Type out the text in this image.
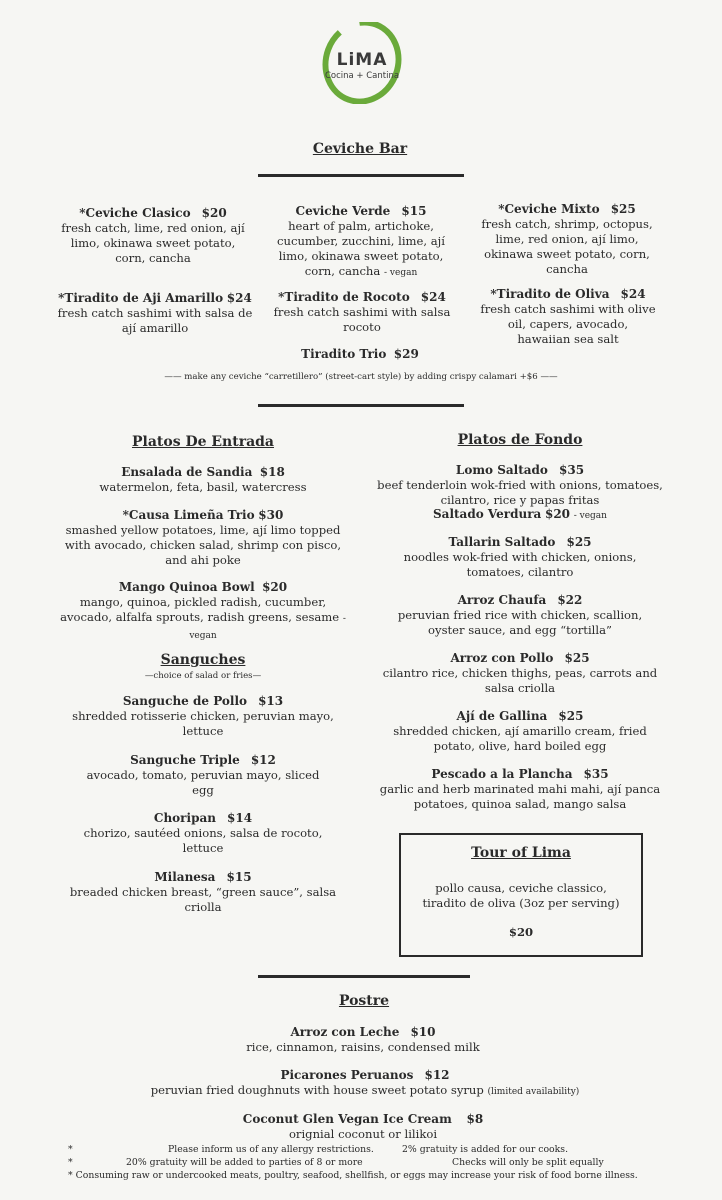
LiMA
Cocina + Cantina
Ceviche Bar
*Ceviche Clasico $20
fresh catch, lime, red onion, ají limo, okinawa sweet potato, corn, cancha
Ceviche Verde $15
heart of palm, artichoke, cucumber, zucchini, lime, ají limo, okinawa sweet potato, corn, cancha - vegan
*Ceviche Mixto $25
fresh catch, shrimp, octopus, lime, red onion, ají limo, okinawa sweet potato, corn, cancha
*Tiradito de Aji Amarillo $24
fresh catch sashimi with salsa de ají amarillo
*Tiradito de Rocoto $24
fresh catch sashimi with salsa rocoto
*Tiradito de Oliva $24
fresh catch sashimi with olive oil, capers, avocado, hawaiian sea salt
Tiradito Trio $29
—— make any ceviche “carretillero” (street-cart style) by adding crispy calamari +$6 ——
Platos De Entrada
Ensalada de Sandia $18
watermelon, feta, basil, watercress
*Causa Limeña Trio $30
smashed yellow potatoes, lime, ají limo topped with avocado, chicken salad, shrimp con pisco, and ahi poke
Mango Quinoa Bowl $20
mango, quinoa, pickled radish, cucumber, avocado, alfalfa sprouts, radish greens, sesame - vegan
Sanguches
—choice of salad or fries—
Sanguche de Pollo $13
shredded rotisserie chicken, peruvian mayo, lettuce
Sanguche Triple $12
avocado, tomato, peruvian mayo, sliced egg
Choripan $14
chorizo, sautéed onions, salsa de rocoto, lettuce
Milanesa $15
breaded chicken breast, “green sauce”, salsa criolla
Platos de Fondo
Lomo Saltado $35
beef tenderloin wok-fried with onions, tomatoes, cilantro, rice y papas fritas
Saltado Verdura $20 - vegan
Tallarin Saltado $25
noodles wok-fried with chicken, onions, tomatoes, cilantro
Arroz Chaufa $22
peruvian fried rice with chicken, scallion, oyster sauce, and egg “tortilla”
Arroz con Pollo $25
cilantro rice, chicken thighs, peas, carrots and salsa criolla
Ají de Gallina $25
shredded chicken, ají amarillo cream, fried potato, olive, hard boiled egg
Pescado a la Plancha $35
garlic and herb marinated mahi mahi, ají panca potatoes, quinoa salad, mango salsa
Tour of Lima
pollo causa, ceviche classico, tiradito de oliva (3oz per serving)
$20
Postre
Arroz con Leche $10
rice, cinnamon, raisins, condensed milk
Picarones Peruanos $12
peruvian fried doughnuts with house sweet potato syrup (limited availability)
Coconut Glen Vegan Ice Cream $8
orignial coconut or lilikoi
*	Please inform us of any allergy restrictions.	2% gratuity is added for our cooks.
*	20% gratuity will be added to parties of 8 or more	Checks will only be split equally
* Consuming raw or undercooked meats, poultry, seafood, shellfish, or eggs may increase your risk of food borne illness.
